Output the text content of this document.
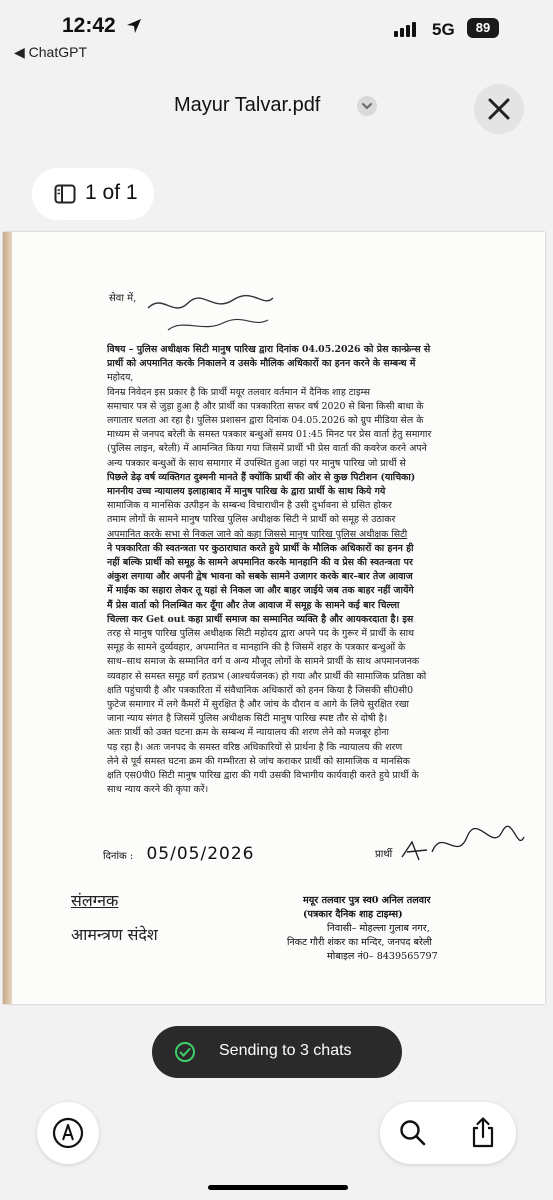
12:42
◀ ChatGPT
5G	89
Mayur Talvar.pdf
1 of 1
सेवा में,
विषय – पुलिस अधीक्षक सिटी मानुष पारिख द्वारा दिनांक 04.05.2026 को प्रेस कान्फ्रेन्स से
प्रार्थी को अपमानित करके निकालने व उसके मौलिक अधिकारों का हनन करने के सम्बन्ध में
महोदय,
विनम्र निवेदन इस प्रकार है कि प्रार्थी मयूर तलवार वर्तमान में दैनिक शाह टाइम्स
समाचार पत्र से जुड़ा हुआ है और प्रार्थी का पत्रकारिता सफर वर्ष 2020 से बिना किसी बाधा के
लगातार चलता आ रहा है। पुलिस प्रशासन द्वारा दिनांक 04.05.2026 को ग्रुप मीडिया सेल के
माध्यम से जनपद बरेली के समस्त पत्रकार बन्धुओं समय 01:45 मिनट पर प्रेस वार्ता हेतु समागार
(पुलिस लाइन, बरेली) में आमन्त्रित किया गया जिसमें प्रार्थी भी प्रेस वार्ता की कवरेज करने अपने
अन्य पत्रकार बन्धुओं के साथ समागार में उपस्थित हुआ जहां पर मानुष पारिख जो प्रार्थी से
पिछले डेढ़ वर्ष व्यक्तिगत दुश्मनी मानते हैं क्योंकि प्रार्थी की ओर से कुछ पिटीशन (याचिका)
माननीय उच्च न्यायालय इलाहाबाद में मानुष पारिख के द्वारा प्रार्थी के साथ किये गये
सामाजिक व मानसिक उत्पीड़न के सम्बन्ध विचाराधीन है उसी दुर्भावना से ग्रसित होकर
तमाम लोगों के सामने मानुष पारिख पुलिस अधीक्षक सिटी ने प्रार्थी को समूह से उठाकर
अपमानित करके सभा से निकल जाने को कहा जिससे मानुष पारिख पुलिस अधीक्षक सिटी
ने पत्रकारिता की स्वतन्त्रता पर कुठाराघात करते हुये प्रार्थी के मौलिक अधिकारों का हनन ही
नहीं बल्कि प्रार्थी को समूह के सामने अपमानित करके मानहानि की व प्रेस की स्वतन्त्रता पर
अंकुश लगाया और अपनी द्वेष भावना को सबके सामने उजागर करके बार–बार तेज आवाज
में माईक का सहारा लेकर तू यहां से निकल जा और बाहर जाईये जब तक बाहर नहीं जायेंगे
मैं प्रेस वार्ता को निलम्बित कर दूँगा और तेज आवाज में समूह के सामने कई बार चिल्ला
चिल्ला कर Get out कहा प्रार्थी समाज का सम्मानित व्यक्ति है और आयकरदाता है। इस
तरह से मानुष पारिख पुलिस अधीक्षक सिटी महोदय द्वारा अपने पद के गुरूर में प्रार्थी के साथ
समूह के सामने दुर्व्यवहार, अपमानित व मानहानि की है जिसमें शहर के पत्रकार बन्धुओं के
साथ–साथ समाज के सम्मानित वर्ग व अन्य मौजूद लोगों के सामने प्रार्थी के साथ अपमानजनक
व्यवहार से समस्त समूह वर्ग हतप्रभ (आश्चर्यजनक) हो गया और प्रार्थी की सामाजिक प्रतिष्ठा को
क्षति पहुंचायी है और पत्रकारिता में संवैधानिक अधिकारों को हनन किया है जिसकी सी0सी0
फुटेज समागार में लगे कैमरों में सुरक्षित है और जांच के दौरान व आगे के लिये सुरक्षित रखा
जाना न्याय संगत है जिसमें पुलिस अधीक्षक सिटी मानुष पारिख स्पष्ट तौर से दोषी है।
अतः प्रार्थी को उक्त घटना क्रम के सम्बन्ध में न्यायालय की शरण लेने को मजबूर होना
पड़ रहा है। अतः जनपद के समस्त वरिष्ठ अधिकारियों से प्रार्थना है कि न्यायालय की शरण
लेने से पूर्व समस्त घटना क्रम की गम्भीरता से जांच कराकर प्रार्थी को सामाजिक व मानसिक
क्षति एस0पी0 सिटी मानुष पारिख द्वारा की गयी उसकी विभागीय कार्यवाही करते हुये प्रार्थी के
साथ न्याय करने की कृपा करें।
दिनांक : 05/05/2026	प्रार्थी
मयूर तलवार पुत्र स्व0 अनिल तलवार
(पत्रकार दैनिक शाह टाइम्स)
निवासी– मोहल्ला गुलाब नगर,
निकट गौरी शंकर का मन्दिर, जनपद बरेली
मोबाइल नं0– 8439565797
संलग्नक
आमन्त्रण संदेश
Sending to 3 chats
